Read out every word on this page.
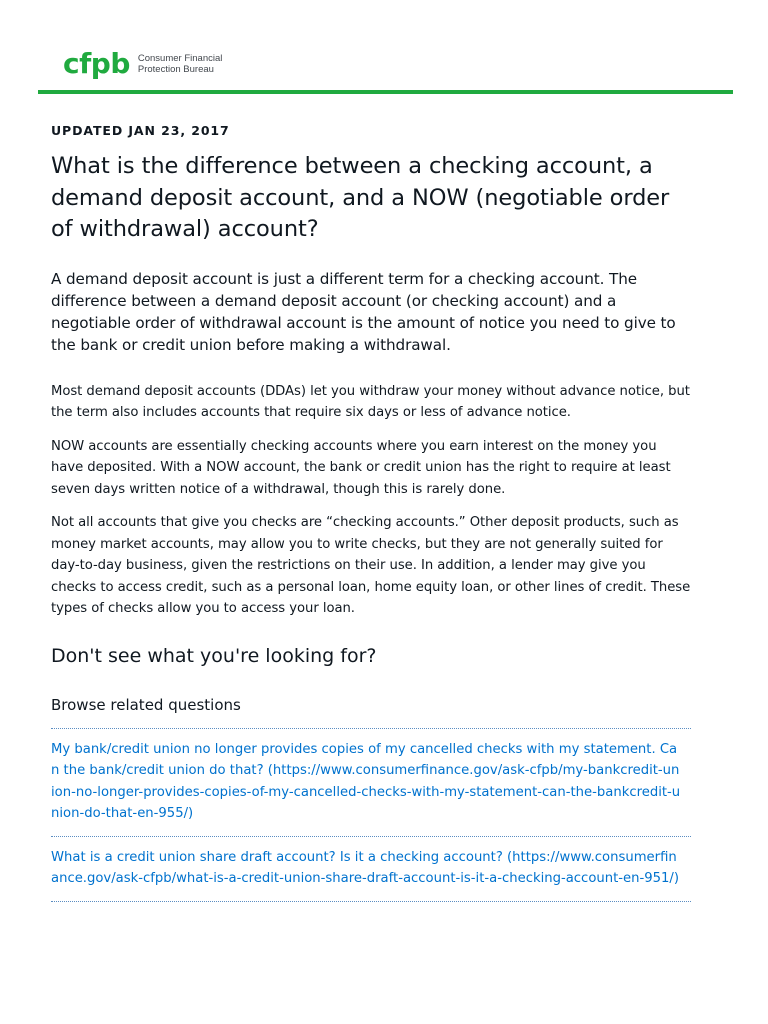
cfpb Consumer Financial
Protection Bureau

UPDATED JAN 23, 2017

What is the difference between a checking account, a demand deposit account, and a NOW (negotiable order of withdrawal) account?

A demand deposit account is just a different term for a checking account. The difference between a demand deposit account (or checking account) and a negotiable order of withdrawal account is the amount of notice you need to give to the bank or credit union before making a withdrawal.

Most demand deposit accounts (DDAs) let you withdraw your money without advance notice, but the term also includes accounts that require six days or less of advance notice.

NOW accounts are essentially checking accounts where you earn interest on the money you have deposited. With a NOW account, the bank or credit union has the right to require at least seven days written notice of a withdrawal, though this is rarely done.

Not all accounts that give you checks are “checking accounts.” Other deposit products, such as money market accounts, may allow you to write checks, but they are not generally suited for day-to-day business, given the restrictions on their use. In addition, a lender may give you checks to access credit, such as a personal loan, home equity loan, or other lines of credit. These types of checks allow you to access your loan.

Don't see what you're looking for?
Browse related questions
My bank/credit union no longer provides copies of my cancelled checks with my statement. Can the bank/credit union do that? (https://www.consumerfinance.gov/ask-cfpb/my-bankcredit-union-no-longer-provides-copies-of-my-cancelled-checks-with-my-statement-can-the-bankcredit-union-do-that-en-955/)
What is a credit union share draft account? Is it a checking account? (https://www.consumerfinance.gov/ask-cfpb/what-is-a-credit-union-share-draft-account-is-it-a-checking-account-en-951/)
